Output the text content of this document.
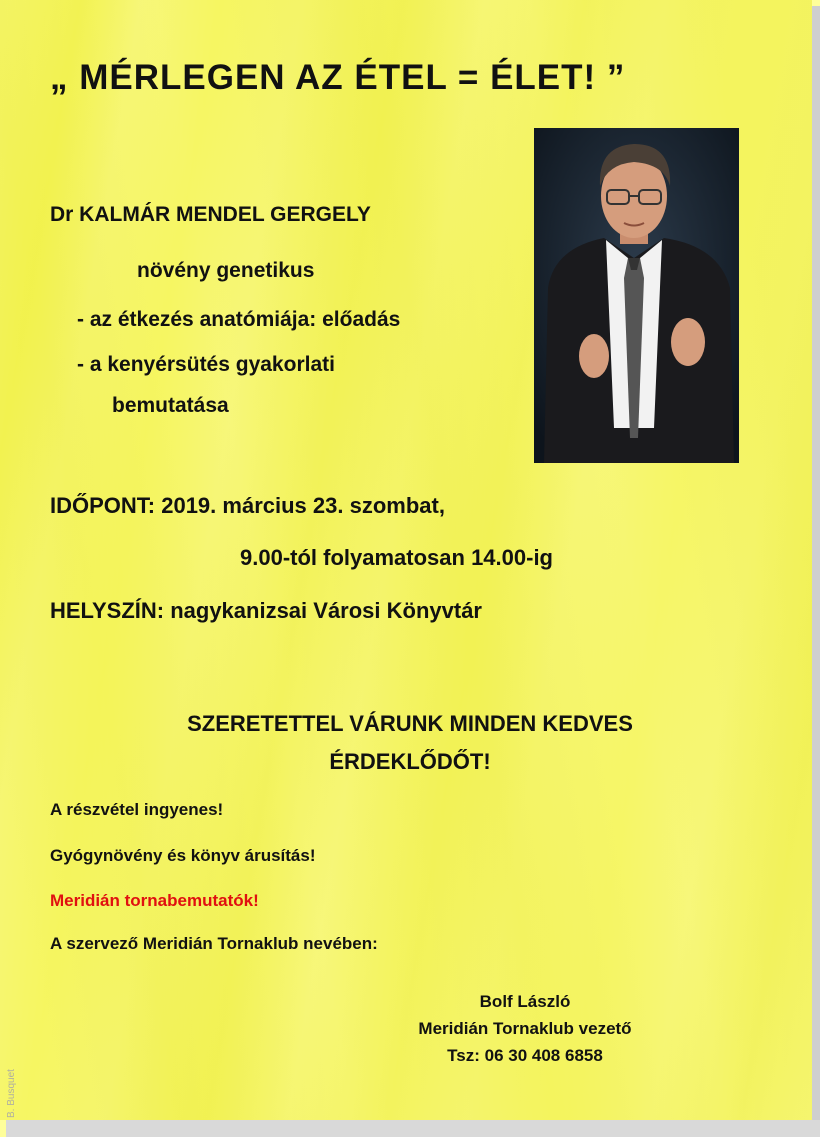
„ MÉRLEGEN AZ ÉTEL = ÉLET! ”

Dr KALMÁR MENDEL GERGELY

növény genetikus

- az étkezés anatómiája: előadás

- a kenyérsütés gyakorlati

bemutatása

IDŐPONT: 2019. március 23. szombat,

9.00-tól folyamatosan 14.00-ig

HELYSZÍN: nagykanizsai Városi Könyvtár

SZERETETTEL VÁRUNK MINDEN KEDVES
ÉRDEKLŐDŐT!

A részvétel ingyenes!

Gyógynövény és könyv árusítás!

Meridián tornabemutatók!

A szervező Meridián Tornaklub nevében:

Bolf László
Meridián Tornaklub vezető
Tsz: 06 30 408 6858
B. Busquet
